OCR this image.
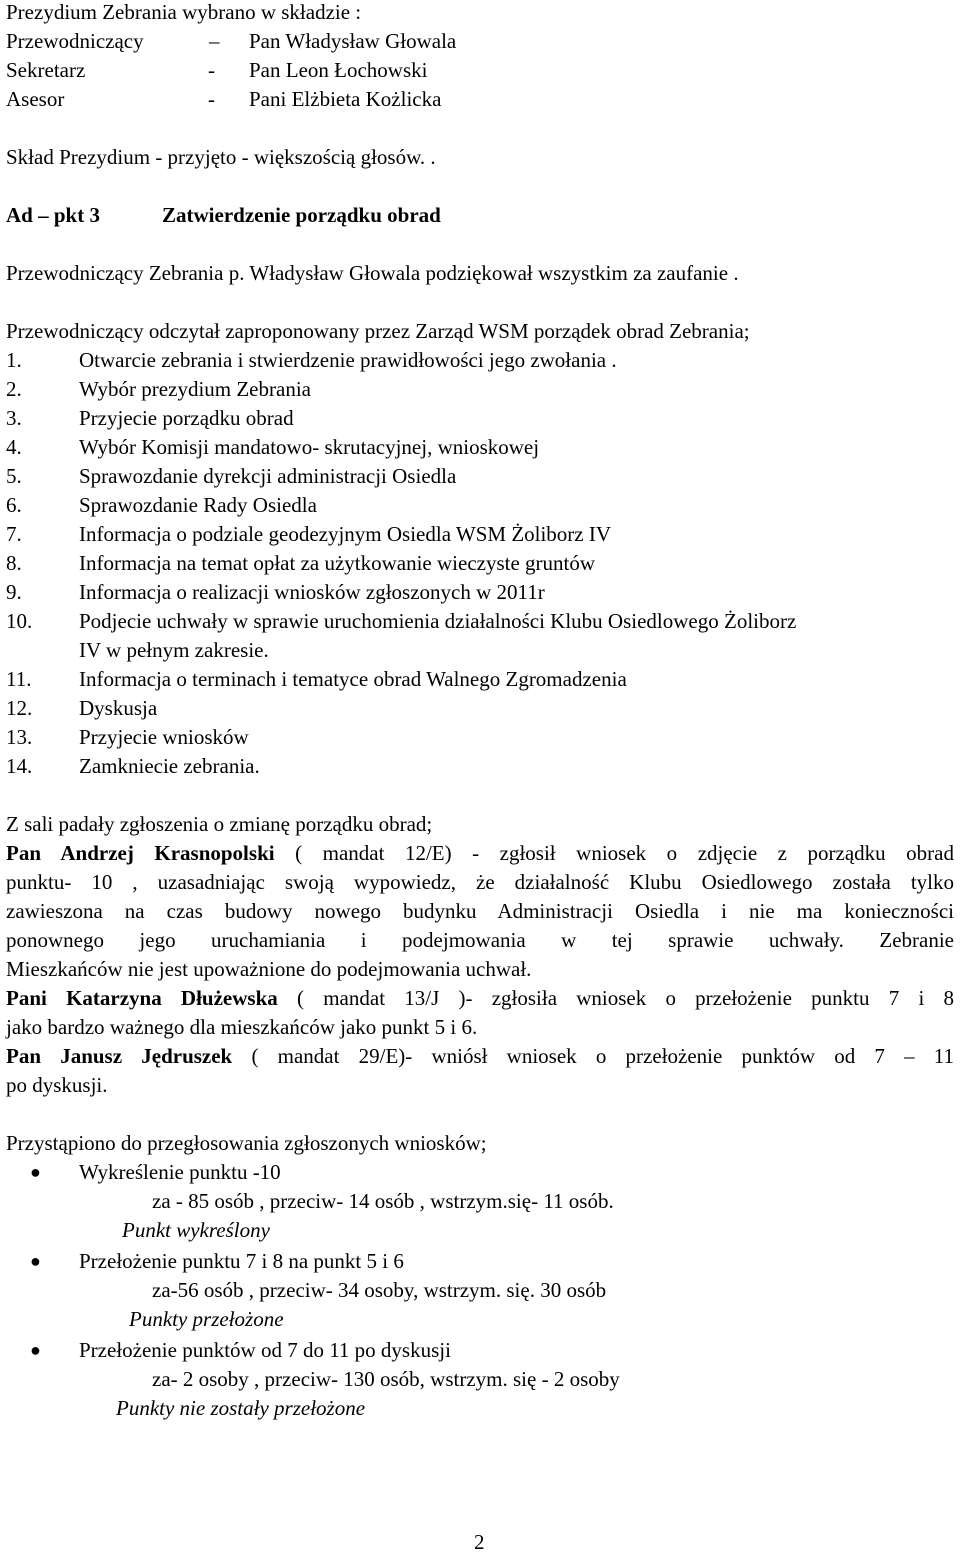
Prezydium Zebrania wybrano w składzie :
Przewodniczący	– Pan Władysław Głowala
Sekretarz	- Pan Leon Łochowski
Asesor	- Pani Elżbieta Kożlicka
Skład Prezydium - przyjęto - większością głosów. .
Ad – pkt 3	Zatwierdzenie porządku obrad
Przewodniczący Zebrania p. Władysław Głowala podziękował wszystkim za zaufanie .
Przewodniczący odczytał zaproponowany przez Zarząd WSM porządek obrad Zebrania;
1.	Otwarcie zebrania i stwierdzenie prawidłowości jego zwołania .
2.	Wybór prezydium Zebrania
3.	Przyjecie porządku obrad
4.	Wybór Komisji mandatowo- skrutacyjnej, wnioskowej
5.	Sprawozdanie dyrekcji administracji Osiedla
6.	Sprawozdanie Rady Osiedla
7.	Informacja o podziale geodezyjnym Osiedla WSM Żoliborz IV
8.	Informacja na temat opłat za użytkowanie wieczyste gruntów
9.	Informacja o realizacji wniosków zgłoszonych w 2011r
10. Podjecie uchwały w sprawie uruchomienia działalności Klubu Osiedlowego Żoliborz
IV w pełnym zakresie.
11. Informacja o terminach i tematyce obrad Walnego Zgromadzenia
12. Dyskusja
13. Przyjecie wniosków
14. Zamkniecie zebrania.
Z sali padały zgłoszenia o zmianę porządku obrad;
Pan Andrzej Krasnopolski ( mandat 12/E) - zgłosił wniosek o zdjęcie z porządku obrad
punktu- 10 , uzasadniając swoją wypowiedz, że działalność Klubu Osiedlowego została tylko
zawieszona na czas budowy nowego budynku Administracji Osiedla i nie ma konieczności
ponownego jego uruchamiania i podejmowania w tej sprawie uchwały. Zebranie
Mieszkańców nie jest upoważnione do podejmowania uchwał.
Pani Katarzyna Dłużewska ( mandat 13/J )- zgłosiła wniosek o przełożenie punktu 7 i 8
jako bardzo ważnego dla mieszkańców jako punkt 5 i 6.
Pan Janusz Jędruszek ( mandat 29/E)- wniósł wniosek o przełożenie punktów od 7 – 11
po dyskusji.
Przystąpiono do przegłosowania zgłoszonych wniosków;
● Wykreślenie punktu -10
za - 85 osób , przeciw- 14 osób , wstrzym.się- 11 osób.
Punkt wykreślony
● Przełożenie punktu 7 i 8 na punkt 5 i 6
za-56 osób , przeciw- 34 osoby, wstrzym. się. 30 osób
Punkty przełożone
● Przełożenie punktów od 7 do 11 po dyskusji
za- 2 osoby , przeciw- 130 osób, wstrzym. się - 2 osoby
Punkty nie zostały przełożone
2
